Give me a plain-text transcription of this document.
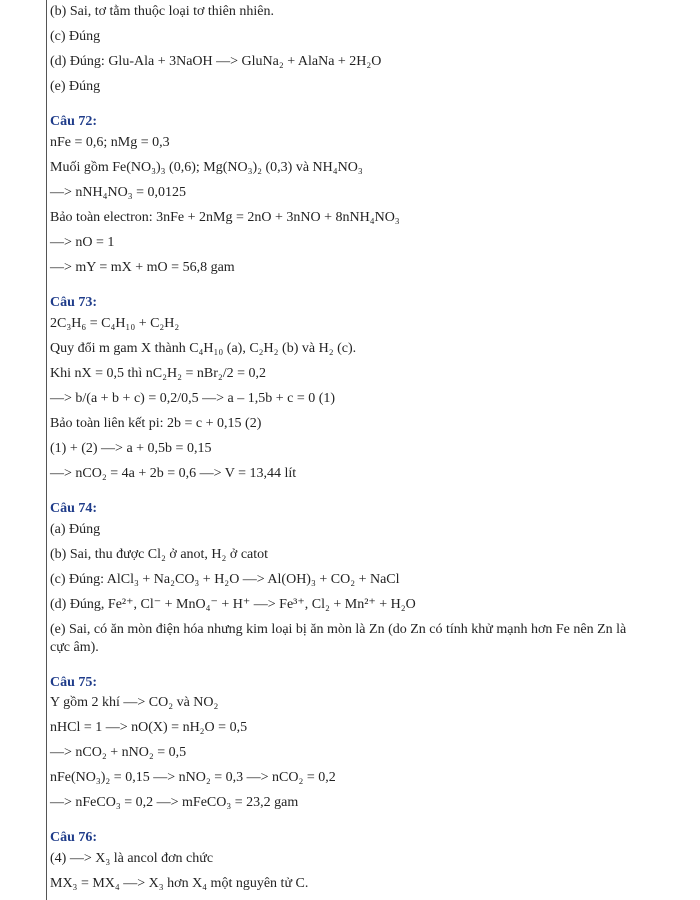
(b) Sai, tơ tằm thuộc loại tơ thiên nhiên.
(c) Đúng
(d) Đúng: Glu-Ala + 3NaOH —> GluNa₂ + AlaNa + 2H₂O
(e) Đúng
Câu 72:
nFe = 0,6; nMg = 0,3
Muối gồm Fe(NO₃)₃ (0,6); Mg(NO₃)₂ (0,3) và NH₄NO₃
—> nNH₄NO₃ = 0,0125
Bảo toàn electron: 3nFe + 2nMg = 2nO + 3nNO + 8nNH₄NO₃
—> nO = 1
—> mY = mX + mO = 56,8 gam
Câu 73:
2C₃H₆ = C₄H₁₀ + C₂H₂
Quy đổi m gam X thành C₄H₁₀ (a), C₂H₂ (b) và H₂ (c).
Khi nX = 0,5 thì nC₂H₂ = nBr₂/2 = 0,2
—> b/(a + b + c) = 0,2/0,5 —> a – 1,5b + c = 0 (1)
Bảo toàn liên kết pi: 2b = c + 0,15 (2)
(1) + (2) —> a + 0,5b = 0,15
—> nCO₂ = 4a + 2b = 0,6 —> V = 13,44 lít
Câu 74:
(a) Đúng
(b) Sai, thu được Cl₂ ở anot, H₂ ở catot
(c) Đúng: AlCl₃ + Na₂CO₃ + H₂O —> Al(OH)₃ + CO₂ + NaCl
(d) Đúng, Fe²⁺, Cl⁻ + MnO₄⁻ + H⁺ —> Fe³⁺, Cl₂ + Mn²⁺ + H₂O
(e) Sai, có ăn mòn điện hóa nhưng kim loại bị ăn mòn là Zn (do Zn có tính khử mạnh hơn Fe nên Zn là cực âm).
Câu 75:
Y gồm 2 khí —> CO₂ và NO₂
nHCl = 1 —> nO(X) = nH₂O = 0,5
—> nCO₂ + nNO₂ = 0,5
nFe(NO₃)₂ = 0,15 —> nNO₂ = 0,3 —> nCO₂ = 0,2
—> nFeCO₃ = 0,2 —> mFeCO₃ = 23,2 gam
Câu 76:
(4) —> X₃ là ancol đơn chức
MX₃ = MX₄ —> X₃ hơn X₄ một nguyên tử C.
